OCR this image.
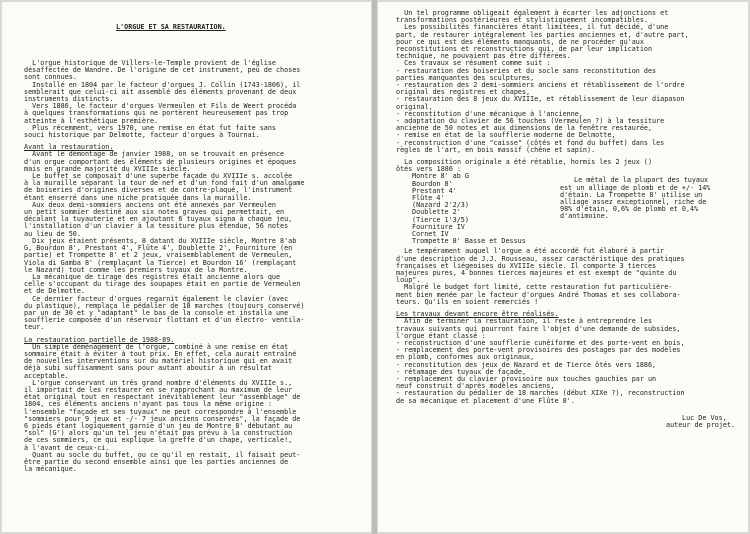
L'ORGUE ET SA RESTAURATION.

L'orgue historique de Villers-le-Temple provient de l'église
désaffectée de Wandre. De l'origine de cet instrument, peu de choses
sont connues.
Installé en 1804 par le facteur d'orgues J. Collin (1743-1806), il
semblerait que celui-ci ait assemblé des éléments provenant de deux
instruments distincts.
Vers 1886, le facteur d'orgues Vermeulen et Fils de Weert procéda
à quelques transformations qui ne portèrent heureusement pas trop
atteinte à l'esthétique première.
Plus récemment, vers 1970, une remise en état fut faite sans
souci historique par Delmotte, facteur d'orgues à Tournai.
Avant la restauration.
Avant le démontage de janvier 1988, on se trouvait en présence
d'un orgue comportant des éléments de plusieurs origines et époques
mais en grande majorité du XVIIIe siècle.
Le buffet se composait d'une superbe façade du XVIIIe s. accolée
à la muraille séparant la tour de nef et d'un fond fait d'un amalgame
de boiseries d'origines diverses et de contre-plaqué, l'instrument
étant enserré dans une niche pratiquée dans la muraille.
Aux deux demi-sommiers anciens ont été annexés par Vermeulen
un petit sommier destiné aux six notes graves qui permettait, en
décalant la tuyauterie et en ajoutant 6 tuyaux signa à chaque jeu,
l'installation d'un clavier à la tessiture plus étendue, 56 notes
au lieu de 50.
Dix jeux étaient présents, 8 datant du XVIIIe siècle, Montre 8'ab
G, Bourdon 8', Prestant 4', Flûte 4', Doublette 2', Fourniture (en
partie) et Trompette 8' et 2 jeux, vraisemblablement de Vermeulen,
Viola di Gamba 8' (remplaçant la Tierce) et Bourdon 16' (remplaçant
le Nazard) tout comme les premiers tuyaux de la Montre.
La mécanique de tirage des registres était ancienne alors que
celle s'occupant du tirage des soupapes était en partie de Vermeulen
et de Delmotte.
Ce dernier facteur d'orgues regarnit également le clavier (avec
du plastique), remplaça le pédalier de 18 marches (toujours conservé)
par un de 30 et y "adaptant" le bas de la console et installa une
soufflerie composée d'un réservoir flottant et d'un électro- ventila-
teur.
La restauration partielle de 1988-89.
Un simple déménagement de l'orgue, combiné à une remise en état
sommaire était à éviter à tout prix. En effet, cela aurait entraîné
de nouvelles interventions sur du matériel historique qui en avait
déjà subi suffisamment sans pour autant aboutir à un résultat
acceptable.
L'orgue conservant un très grand nombre d'éléments du XVIIIe s.,
il importait de les restaurer en se rapprochant au maximum de leur
état original tout en respectant inévitablement leur "assemblage" de
1804, ces éléments anciens n'ayant pas tous la même origine :
l'ensemble "façade et ses tuyaux" ne peut correspondre à l'ensemble
"sommiers pour 9 jeux et -/- 7 jeux anciens conservés", la façade de
6 pieds étant logiquement garnie d'un jeu de Montre 8' débutant au
"sol" (G') alors qu'un tel jeu n'était pas prévu à la construction
de ces sommiers, ce qui explique la greffe d'un chape, verticale!,
à l'avant de ceux-ci.
Quant au socle du buffet, ou ce qu'il en restait, il faisait peut-
être partie du second ensemble ainsi que les parties anciennes de
la mécanique.
Un tel programme obligeait également à écarter les adjonctions et
transformations postérieures et stylistiquement incompatibles.
Les possibilités financières étant limitées, il fut décidé, d'une
part, de restaurer intégralement les parties anciennes et, d'autre part,
pour ce qui est des éléments manquants, de ne procéder qu'aux
reconstitutions et reconstructions qui, de par leur implication
technique, ne pouvaient pas être différées.
Ces travaux se résument comme suit :
- restauration des boiseries et du socle sans reconstitution des
parties manquantes des sculptures,
- restauration des 2 demi-sommiers anciens et rétablissement de l'ordre
original des registres et chapes,
- restauration des 8 jeux du XVIIIe, et rétablissement de leur diapason
original,
- reconstitution d'une mécanique à l'ancienne,
- adaptation du clavier de 56 touches (Vermeulen ?) à la tessiture
ancienne de 50 notes et aux dimensions de la fenêtre restaurée,
- remise en état de la soufflerie moderne de Delmotte,
- reconstruction d'une "caisse" (côtés et fond du buffet) dans les
règles de l'art, en bois massif (chêne et sapin).
La composition originale a été rétablie, hormis les 2 jeux ()
ôtés vers 1886 :
Montre 8' ab G
Bourdon 8'
Prestant 4'
Flûte 4'
(Nazard 2'2/3)
Doublette 2'
(Tierce 1'3/5)
Fourniture IV
Cornet IV
Trompette 8' Basse et Dessus
Le métal de la plupart des tuyaux
est un alliage de plomb et de +/- 14%
d'étain. La Trompette 8' utilise un
alliage assez exceptionnel, riche de
98% d'étain, 0,6% de plomb et 0,4%
d'antimoine.
Le tempérament auquel l'orgue a été accordé fut élaboré à partir
d'une description de J.J. Rousseau, assez caractéristique des pratiques
françaises et liégeoises du XVIIIe siècle. Il comporte 3 tierces
majeures pures, 4 bonnes tierces majeures et est exempt de "quinte du
loup".
Malgré le budget fort limité, cette restauration fut particulière-
ment bien menée par le facteur d'orgues André Thomas et ses collabora-
teurs. Qu'ils en soient remerciés !
Les travaux devant encore être réalisés.
Afin de terminer la restauration, il reste à entreprendre les
travaux suivants qui pourront faire l'objet d'une demande de subsides,
l'orgue étant classé :
- reconstruction d'une soufflerie cunéiforme et des porte-vent en bois,
- remplacement des porte-vent provisoires des postages par des modèles
en plomb, conformes aux originaux,
- reconstitution des jeux de Nazard et de Tierce ôtés vers 1886,
- rétamage des tuyaux de façade,
- remplacement du clavier provisoire aux touches gauchies par un
neuf construit d'après modèles anciens,
- restauration du pédalier de 18 marches (début XIXe ?), reconstruction
de sa mécanique et placement d'une Flûte 8'.
Luc De Vos,
auteur de projet.
